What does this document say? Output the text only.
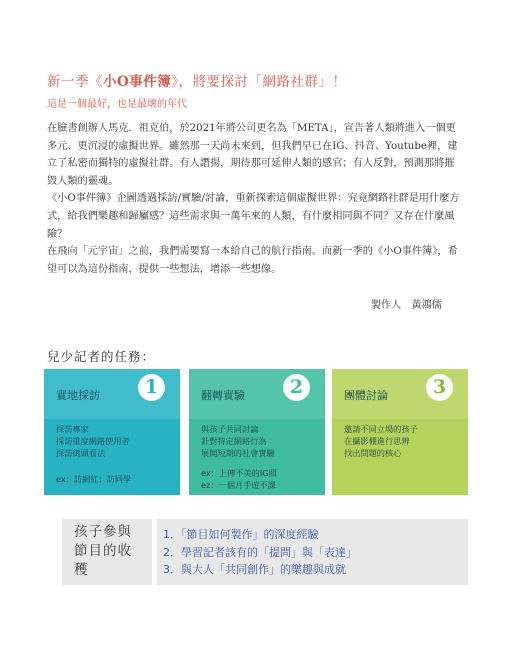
新一季《小O事件簿》，將要探討「網路社群」！
這是一個最好，也是最壞的年代

在臉書創辦人馬克．祖克伯，於2021年將公司更名為「META」，宣告著人類將進入一個更多元、更沉浸的虛擬世界。雖然那一天尚未來到，但我們早已在IG、抖音、Youtube裡，建立了私密而獨特的虛擬社群。有人譖揚，期待那可延伸人類的感官；有人反對，預測那將摧毀人類的靈魂。

《小O事件簿》企圖透過採訪/實驗/討論，重新探索這個虛擬世界：究竟網路社群是用什麼方式，給我們樂趣和歸屬感？這些需求與一萬年來的人類，有什麼相同與不同？又存在什麼風險？

在飛向「元宇宙」之前，我們需要寫一本給自己的航行指南。而新一季的《小O事件簿》，希望可以為這份指南，提供一些想法，增添一些想像。

製作人　黃鴻儒
兒少記者的任務：
實地採訪	1
採訪專家
採訪重度網路使用者
採訪街頭看法
ex：訪網紅；訪同學
翻轉實驗	2
與孩子共同討論
針對特定網路行為
展開短期的社會實驗
ex：上傳不美的IG照
ez：一個月手遊不課
團體討論	3
邀請不同立場的孩子
在攝影棚進行思辨
找出問題的核心
孩子參與節目的收穫
1．「節目如何製作」的深度經驗
2．學習記者該有的「提問」與「表達」
3．與大人「共同創作」的樂趣與成就
